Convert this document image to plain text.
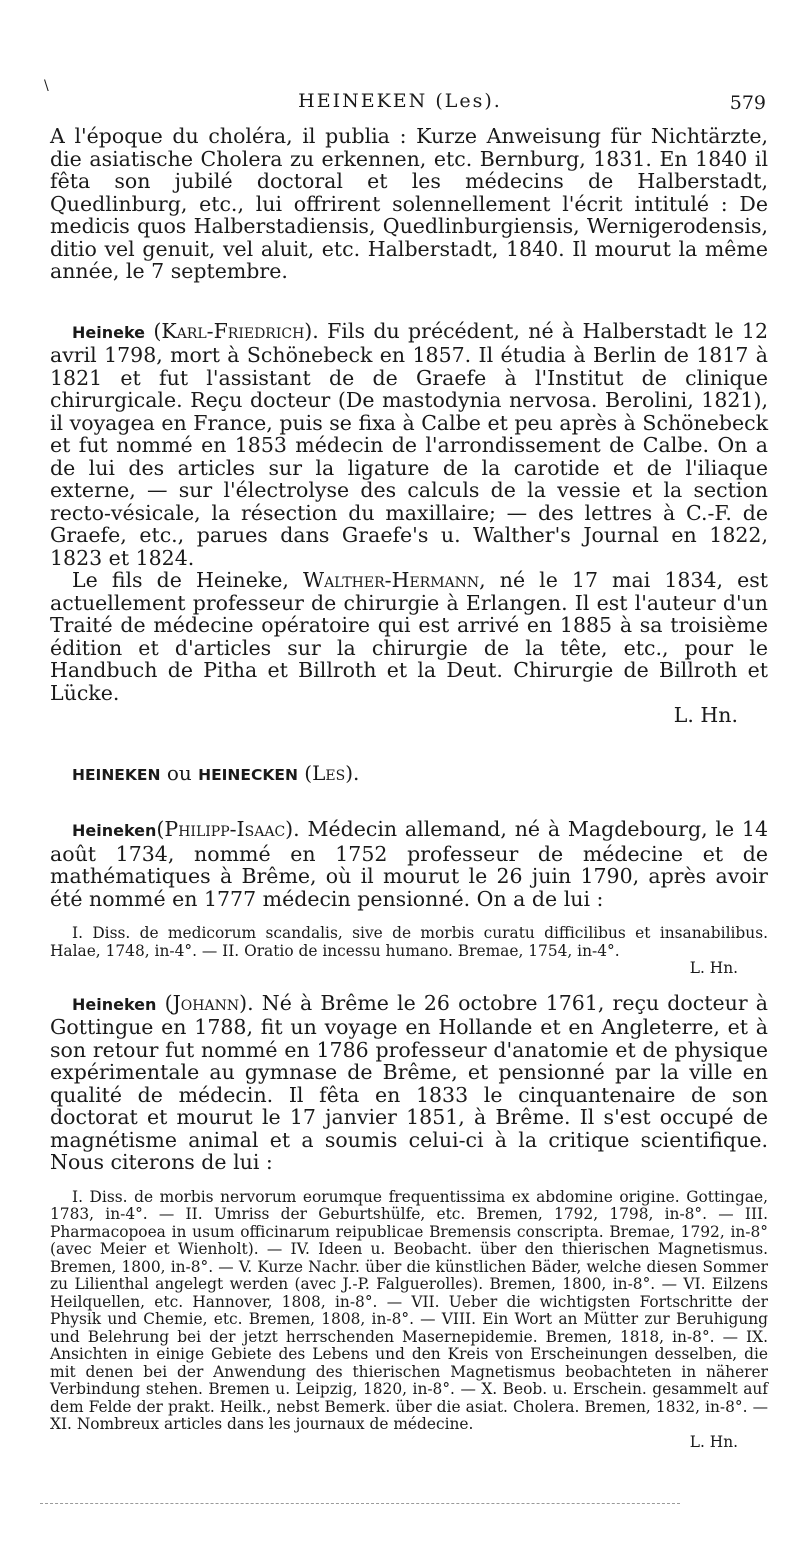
\
HEINEKEN (Les).	579

A l'époque du choléra, il publia : Kurze Anweisung für Nichtärzte, die asiatische Cholera zu erkennen, etc. Bernburg, 1831. En 1840 il fêta son jubilé doctoral et les médecins de Halberstadt, Quedlinburg, etc., lui offrirent solennellement l'écrit intitulé : De medicis quos Halberstadiensis, Quedlinburgiensis, Wernigerodensis, ditio vel genuit, vel aluit, etc. Halberstadt, 1840. Il mourut la même année, le 7 septembre.

Heineke (Karl-Friedrich). Fils du précédent, né à Halberstadt le 12 avril 1798, mort à Schönebeck en 1857. Il étudia à Berlin de 1817 à 1821 et fut l'assistant de de Graefe à l'Institut de clinique chirurgicale. Reçu docteur (De mastodynia nervosa. Berolini, 1821), il voyagea en France, puis se fixa à Calbe et peu après à Schönebeck et fut nommé en 1853 médecin de l'arrondissement de Calbe. On a de lui des articles sur la ligature de la carotide et de l'iliaque externe, — sur l'électrolyse des calculs de la vessie et la section recto-vésicale, la résection du maxillaire; — des lettres à C.-F. de Graefe, etc., parues dans Graefe's u. Walther's Journal en 1822, 1823 et 1824.

Le fils de Heineke, Walther-Hermann, né le 17 mai 1834, est actuellement professeur de chirurgie à Erlangen. Il est l'auteur d'un Traité de médecine opératoire qui est arrivé en 1885 à sa troisième édition et d'articles sur la chirurgie de la tête, etc., pour le Handbuch de Pitha et Billroth et la Deut. Chirurgie de Billroth et Lücke.

L. Hn.

HEINEKEN ou HEINECKEN (Les).

Heineken(Philipp-Isaac). Médecin allemand, né à Magdebourg, le 14 août 1734, nommé en 1752 professeur de médecine et de mathématiques à Brême, où il mourut le 26 juin 1790, après avoir été nommé en 1777 médecin pensionné. On a de lui :

I. Diss. de medicorum scandalis, sive de morbis curatu difficilibus et insanabilibus. Halae, 1748, in-4°. — II. Oratio de incessu humano. Bremae, 1754, in-4°.

L. Hn.

Heineken (Johann). Né à Brême le 26 octobre 1761, reçu docteur à Gottingue en 1788, fit un voyage en Hollande et en Angleterre, et à son retour fut nommé en 1786 professeur d'anatomie et de physique expérimentale au gymnase de Brême, et pensionné par la ville en qualité de médecin. Il fêta en 1833 le cinquantenaire de son doctorat et mourut le 17 janvier 1851, à Brême. Il s'est occupé de magnétisme animal et a soumis celui-ci à la critique scientifique. Nous citerons de lui :

I. Diss. de morbis nervorum eorumque frequentissima ex abdomine origine. Gottingae, 1783, in-4°. — II. Umriss der Geburtshülfe, etc. Bremen, 1792, 1798, in-8°. — III. Pharmacopoea in usum officinarum reipublicae Bremensis conscripta. Bremae, 1792, in-8° (avec Meier et Wienholt). — IV. Ideen u. Beobacht. über den thierischen Magnetismus. Bremen, 1800, in-8°. — V. Kurze Nachr. über die künstlichen Bäder, welche diesen Sommer zu Lilienthal angelegt werden (avec J.-P. Falguerolles). Bremen, 1800, in-8°. — VI. Eilzens Heilquellen, etc. Hannover, 1808, in-8°. — VII. Ueber die wichtigsten Fortschritte der Physik und Chemie, etc. Bremen, 1808, in-8°. — VIII. Ein Wort an Mütter zur Beruhigung und Belehrung bei der jetzt herrschenden Masernepidemie. Bremen, 1818, in-8°. — IX. Ansichten in einige Gebiete des Lebens und den Kreis von Erscheinungen desselben, die mit denen bei der Anwendung des thierischen Magnetismus beobachteten in näherer Verbindung stehen. Bremen u. Leipzig, 1820, in-8°. — X. Beob. u. Erschein. gesammelt auf dem Felde der prakt. Heilk., nebst Bemerk. über die asiat. Cholera. Bremen, 1832, in-8°. — XI. Nombreux articles dans les journaux de médecine.

L. Hn.
